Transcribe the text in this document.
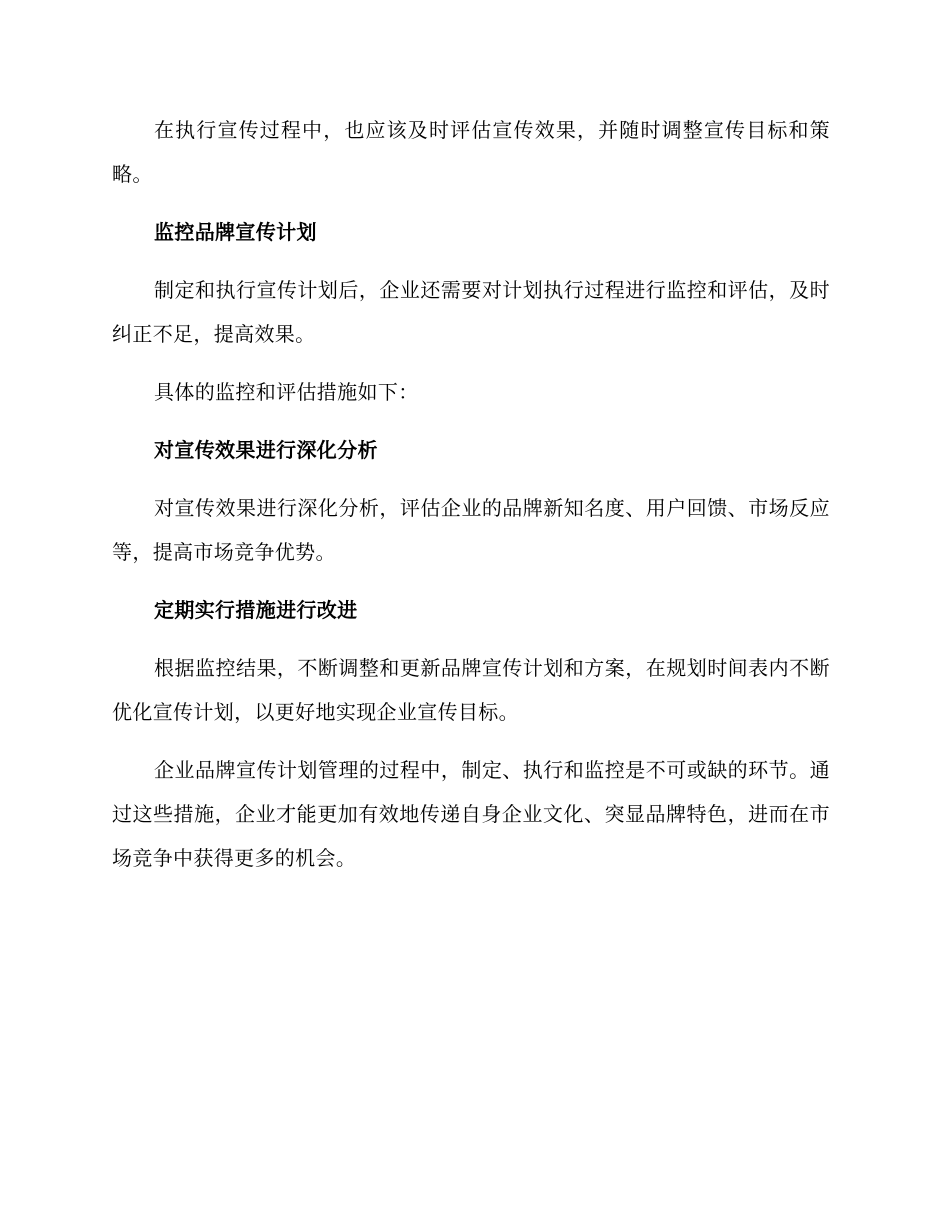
在执行宣传过程中，也应该及时评估宣传效果，并随时调整宣传目标和策略。

监控品牌宣传计划

制定和执行宣传计划后，企业还需要对计划执行过程进行监控和评估，及时纠正不足，提高效果。

具体的监控和评估措施如下：

对宣传效果进行深化分析

对宣传效果进行深化分析，评估企业的品牌新知名度、用户回馈、市场反应等，提高市场竞争优势。

定期实行措施进行改进

根据监控结果，不断调整和更新品牌宣传计划和方案，在规划时间表内不断优化宣传计划，以更好地实现企业宣传目标。

企业品牌宣传计划管理的过程中，制定、执行和监控是不可或缺的环节。通过这些措施，企业才能更加有效地传递自身企业文化、突显品牌特色，进而在市场竞争中获得更多的机会。
